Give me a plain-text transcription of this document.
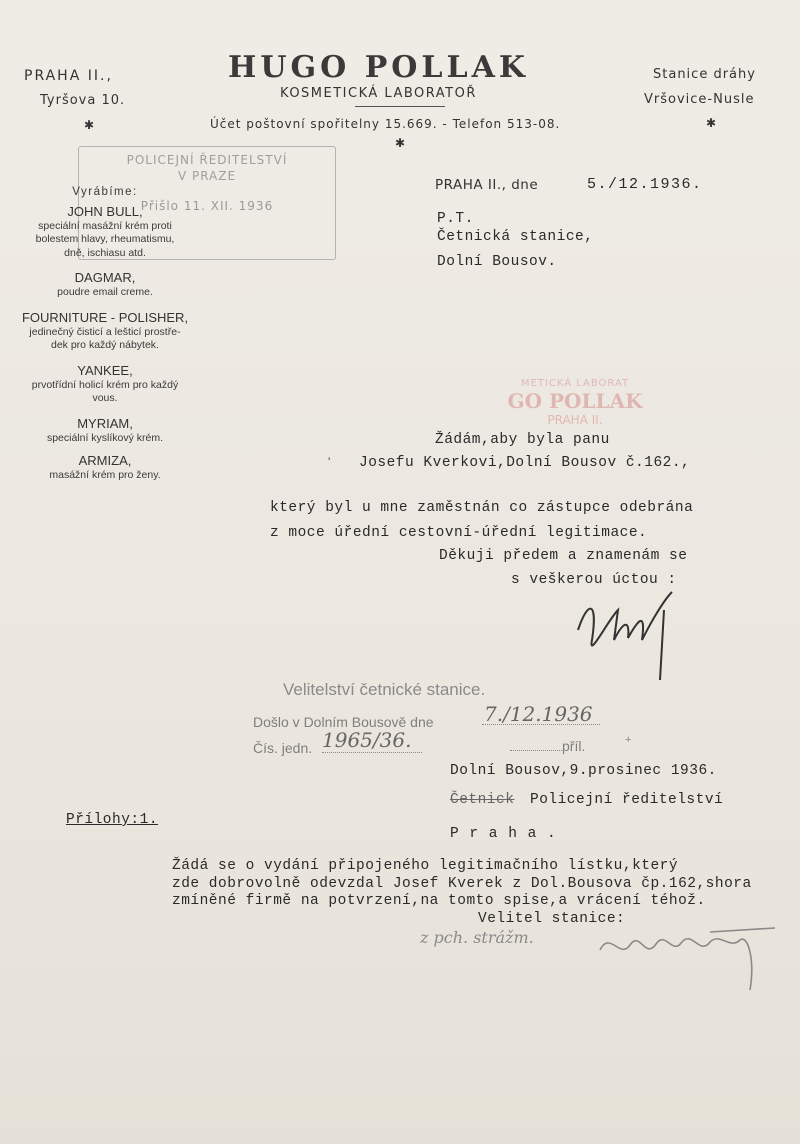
PRAHA II.,
Tyršova 10.
✱
HUGO POLLAK
KOSMETICKÁ LABORATOŘ
Účet poštovní spořitelny 15.669. - Telefon 513-08.
✱
Stanice dráhy
Vršovice-Nusle
✱
POLICEJNÍ ŘEDITELSTVÍ
V PRAZE
Přišlo 11. XII. 1936
Vyrábíme:
JOHN BULL,
speciální masážní krém proti
bolestem hlavy, rheumatismu,
dně, ischiasu atd.
DAGMAR,
poudre email creme.
FOURNITURE - POLISHER,
jedinečný čisticí a lešticí prostře-
dek pro každý nábytek.
YANKEE,
prvotřídní holicí krém pro každý
vous.
MYRIAM,
speciální kyslíkový krém.
ARMIZA,
masážní krém pro ženy.
PRAHA II., dne	5./12.1936.
P.T.
Četnická stanice,
Dolní Bousov.
METICKÁ LABORAT
GO POLLAK
PRAHA II.
Žádám,aby byla panu
Josefu Kverkovi,Dolní Bousov č.162.,
který byl u mne zaměstnán co zástupce odebrána
z moce úřední cestovní-úřední legitimace.
Děkuji předem a znamenám se
s veškerou úctou :
Velitelství četnické stanice.
Došlo v Dolním Bousově dne	7./12.1936
Čís. jedn. 1965/36.	příl.
Dolní Bousov,9.prosinec 1936.
Četnick Policejní ředitelství
P r a h a .
Přílohy:1.
Žádá se o vydání připojeného legitimačního lístku,který
zde dobrovolně odevzdal Josef Kverek z Dol.Bousova čp.162,shora
zmíněné firmě na potvrzení,na tomto spise,a vrácení téhož.
Velitel stanice:
z pch. strážm.
'
+
